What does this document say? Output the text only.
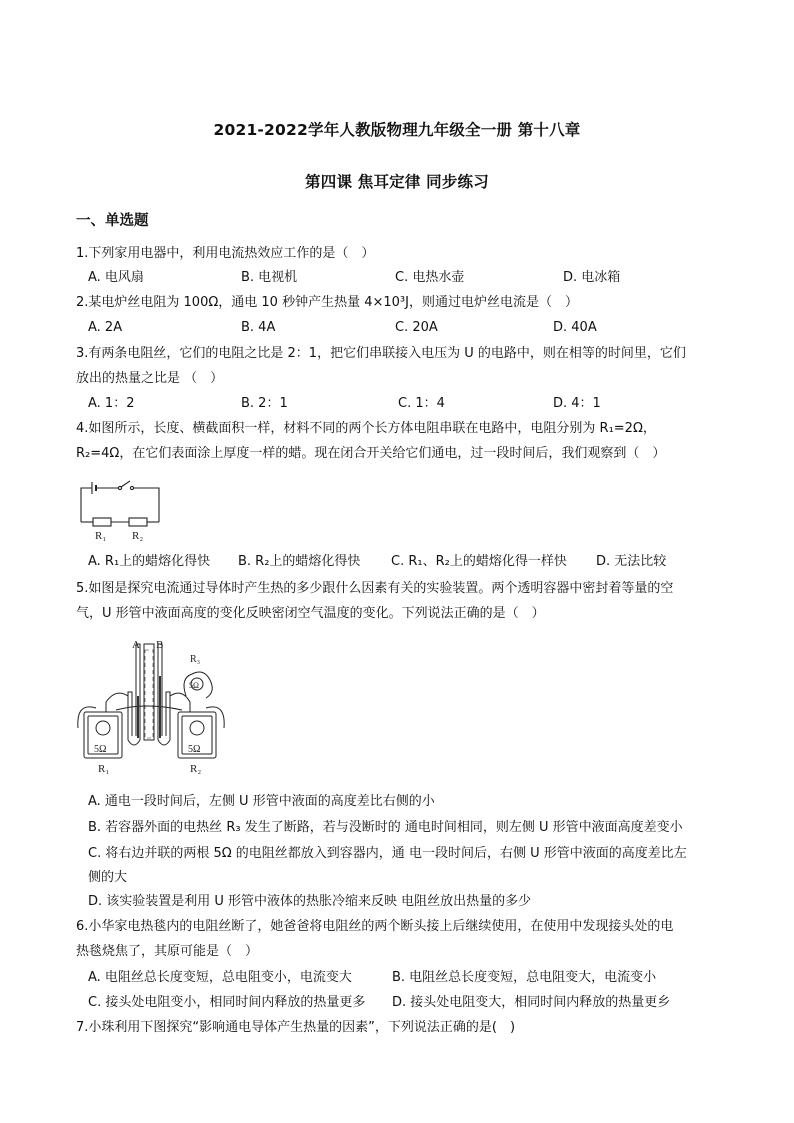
2021-2022学年人教版物理九年级全一册 第十八章
第四课 焦耳定律 同步练习
一、单选题
1.下列家用电器中，利用电流热效应工作的是（　）
A. 电风扇	B. 电视机	C. 电热水壶	D. 电冰箱
2.某电炉丝电阻为 100Ω，通电 10 秒钟产生热量 4×10³J，则通过电炉丝电流是（　）
A. 2A	B. 4A	C. 20A	D. 40A
3.有两条电阻丝，它们的电阻之比是 2：1，把它们串联接入电压为 U 的电路中，则在相等的时间里，它们
放出的热量之比是 （　）
A. 1：2	B. 2：1	C. 1：4	D. 4：1
4.如图所示，长度、横截面积一样，材料不同的两个长方体电阻串联在电路中，电阻分别为 R₁=2Ω，
R₂=4Ω，在它们表面涂上厚度一样的蜡。现在闭合开关给它们通电，过一段时间后，我们观察到（　）
R₁ R₂
A. R₁上的蜡熔化得快 B. R₂上的蜡熔化得快 C. R₁、R₂上的蜡熔化得一样快 D. 无法比较
5.如图是探究电流通过导体时产生热的多少跟什么因素有关的实验装置。两个透明容器中密封着等量的空
气，U 形管中液面高度的变化反映密闭空气温度的变化。下列说法正确的是（　）
A B
R₃
5Ω
5Ω	5Ω
R₁	R₂
A. 通电一段时间后，左侧 U 形管中液面的高度差比右侧的小
B. 若容器外面的电热丝 R₃ 发生了断路，若与没断时的 通电时间相同，则左侧 U 形管中液面高度差变小
C. 将右边并联的两根 5Ω 的电阻丝都放入到容器内，通 电一段时间后，右侧 U 形管中液面的高度差比左
侧的大
D. 该实验装置是利用 U 形管中液体的热胀冷缩来反映 电阻丝放出热量的多少
6.小华家电热毯内的电阻丝断了，她爸爸将电阻丝的两个断头接上后继续使用，在使用中发现接头处的电
热毯烧焦了，其原可能是（　）
A. 电阻丝总长度变短，总电阻变小，电流变大	B. 电阻丝总长度变短，总电阻变大，电流变小
C. 接头处电阻变小，相同时间内释放的热量更多 D. 接头处电阻变大，相同时间内释放的热量更乡
7.小珠利用下图探究“影响通电导体产生热量的因素”，下列说法正确的是(　)
